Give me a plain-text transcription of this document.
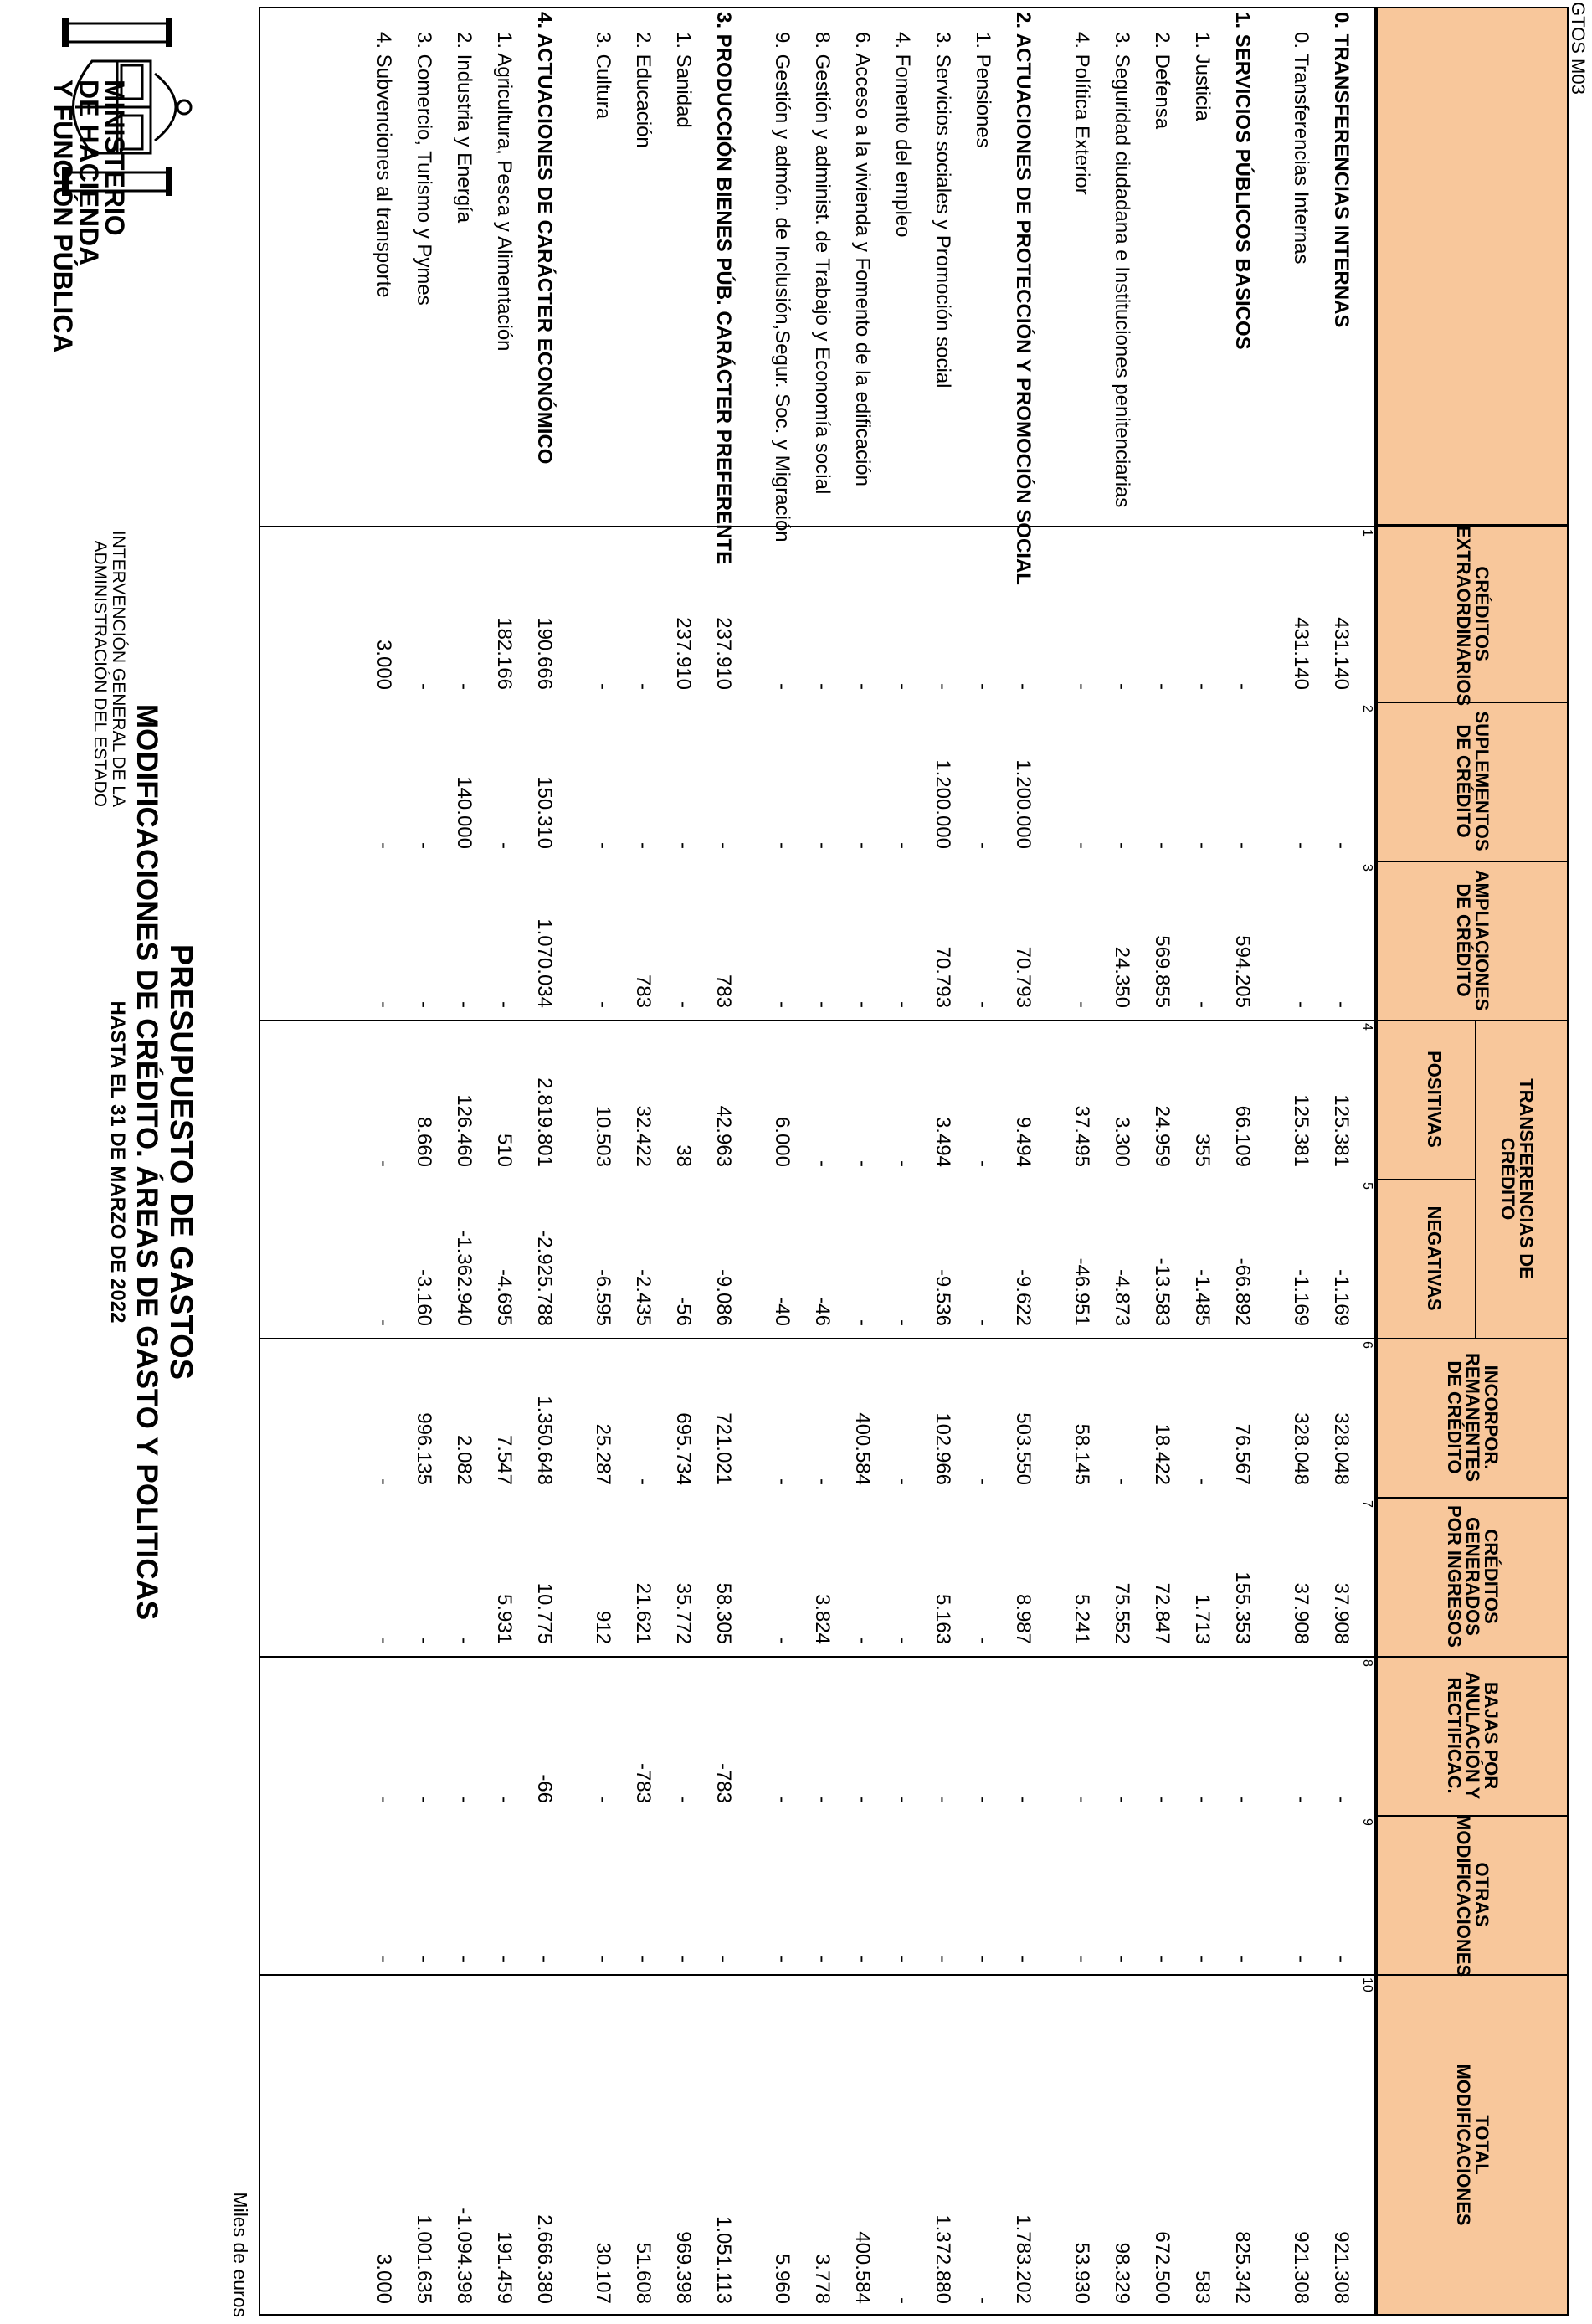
MINISTERIO
DE HACIENDA
Y FUNCIÓN PÚBLICA
PRESUPUESTO DE GASTOS
MODIFICACIONES DE CRÉDITO. ÁREAS DE GASTO Y POLITICAS
HASTA EL 31 DE MARZO DE 2022
INTERVENCIÓN GENERAL DE LA
ADMINISTRACIÓN DEL ESTADO
Miles de euros
CRÉDITOS
EXTRAORDINARIOS
SUPLEMENTOS
DE CRÉDITO
AMPLIACIONES
DE CRÉDITO
POSITIVAS
NEGATIVAS
INCORPOR.
REMANENTES
DE CRÉDITO
CRÉDITOS
GENERADOS
POR INGRESOS
BAJAS POR
ANULACIÓN Y
RECTIFICAC.
OTRAS
MODIFICACIONES
TOTAL
MODIFICACIONES
TRANSFERENCIAS DE
CRÉDITO
1
2
3
4
5
6
7
8
9
10
0. TRANSFERENCIAS INTERNAS
431.140
-
-
125.381
-1.169
328.048
37.908
-
-
921.308
0. Transferencias Internas
431.140
-
-
125.381
-1.169
328.048
37.908
-
-
921.308
1. SERVICIOS PÚBLICOS BASICOS
-
-
594.205
66.109
-66.892
76.567
155.353
-
-
825.342
1. Justicia
-
-
-
355
-1.485
-
1.713
-
-
583
2. Defensa
-
-
569.855
24.959
-13.583
18.422
72.847
-
-
672.500
3. Seguridad ciudadana e Instituciones penitenciarias
-
-
24.350
3.300
-4.873
-
75.552
-
-
98.329
4. Política Exterior
-
-
-
37.495
-46.951
58.145
5.241
-
-
53.930
2. ACTUACIONES DE PROTECCIÓN Y PROMOCIÓN SOCIAL
-
1.200.000
70.793
9.494
-9.622
503.550
8.987
-
-
1.783.202
1. Pensiones
-
-
-
-
-
-
-
-
-
-
3. Servicios sociales y Promoción social
-
1.200.000
70.793
3.494
-9.536
102.966
5.163
-
-
1.372.880
4. Fomento del empleo
-
-
-
-
-
-
-
-
-
-
6. Acceso a la vivienda y Fomento de la edificación
-
-
-
-
-
400.584
-
-
-
400.584
8. Gestión y administ. de Trabajo y Economía social
-
-
-
-
-46
-
3.824
-
-
3.778
9. Gestión y admón. de Inclusión,Segur. Soc. y Migración
-
-
-
6.000
-40
-
-
-
-
5.960
3. PRODUCCIÓN BIENES PÚB. CARÁCTER PREFERENTE
237.910
-
783
42.963
-9.086
721.021
58.305
-783
-
1.051.113
1. Sanidad
237.910
-
-
38
-56
695.734
35.772
-
-
969.398
2. Educación
-
-
783
32.422
-2.435
-
21.621
-783
-
51.608
3. Cultura
-
-
-
10.503
-6.595
25.287
912
-
-
30.107
4. ACTUACIONES DE CARÁCTER ECONÓMICO
190.666
150.310
1.070.034
2.819.801
-2.925.788
1.350.648
10.775
-66
-
2.666.380
1. Agricultura, Pesca y Alimentación
182.166
-
-
510
-4.695
7.547
5.931
-
-
191.459
2. Industria y Energía
-
140.000
-
126.460
-1.362.940
2.082
-
-
-
-1.094.398
3. Comercio, Turismo y Pymes
-
-
-
8.660
-3.160
996.135
-
-
-
1.001.635
4. Subvenciones al transporte
3.000
-
-
-
-
-
-
-
-
3.000
GTOS M03
